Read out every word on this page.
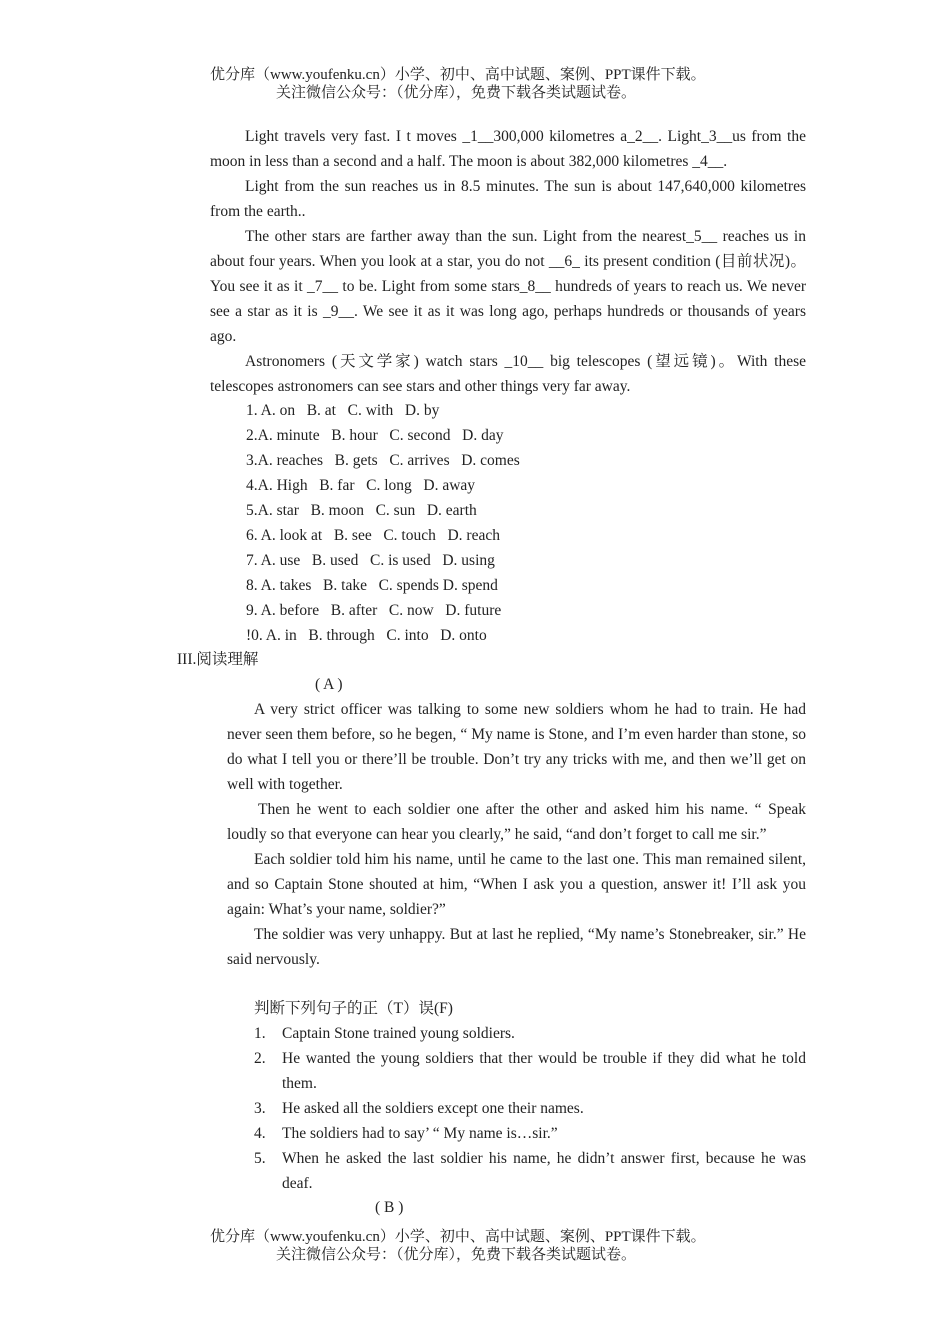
优分库（www.youfenku.cn）小学、初中、高中试题、案例、PPT课件下载。
关注微信公众号：（优分库），免费下载各类试题试卷。

Light travels very fast. I t moves _1__300,000 kilometres a_2__. Light_3__us from the moon in less than a second and a half. The moon is about 382,000 kilometres _4__.

Light from the sun reaches us in 8.5 minutes. The sun is about 147,640,000 kilometres from the earth..

The other stars are farther away than the sun. Light from the nearest_5__ reaches us in about four years. When you look at a star, you do not __6_ its present condition (目前状况)。You see it as it _7__ to be. Light from some stars_8__ hundreds of years to reach us. We never see a star as it is _9__. We see it as it was long ago, perhaps hundreds or thousands of years ago.

Astronomers (天文学家) watch stars _10__ big telescopes (望远镜)。With these telescopes astronomers can see stars and other things very far away.

1. A. on   B. at   C. with   D. by
2.A. minute   B. hour   C. second   D. day
3.A. reaches   B. gets   C. arrives   D. comes
4.A. High   B. far   C. long   D. away
5.A. star   B. moon   C. sun   D. earth
6. A. look at   B. see   C. touch   D. reach
7. A. use   B. used   C. is used   D. using
8. A. takes   B. take   C. spends D. spend
9. A. before   B. after   C. now   D. future
!0. A. in   B. through   C. into   D. onto
III.阅读理解
( A )

A very strict officer was talking to some new soldiers whom he had to train. He had never seen them before, so he begen, “ My name is Stone, and I’m even harder than stone, so do what I tell you or there’ll be trouble. Don’t try any tricks with me, and then we’ll get on well with together.

Then he went to each soldier one after the other and asked him his name. “ Speak loudly so that everyone can hear you clearly,” he said, “and don’t forget to call me sir.”

Each soldier told him his name, until he came to the last one. This man remained silent, and so Captain Stone shouted at him, “When I ask you a question, answer it! I’ll ask you again: What’s your name, soldier?”

The soldier was very unhappy. But at last he replied, “My name’s Stonebreaker, sir.” He said nervously.

判断下列句子的正（T）误(F)
1. Captain Stone trained young soldiers.
2. He wanted the young soldiers that ther would be trouble if they did what he told them.
3. He asked all the soldiers except one their names.
4. The soldiers had to say’ “ My name is…sir.”
5. When he asked the last soldier his name, he didn’t answer first, because he was deaf.
( B )
优分库（www.youfenku.cn）小学、初中、高中试题、案例、PPT课件下载。
关注微信公众号：（优分库），免费下载各类试题试卷。
